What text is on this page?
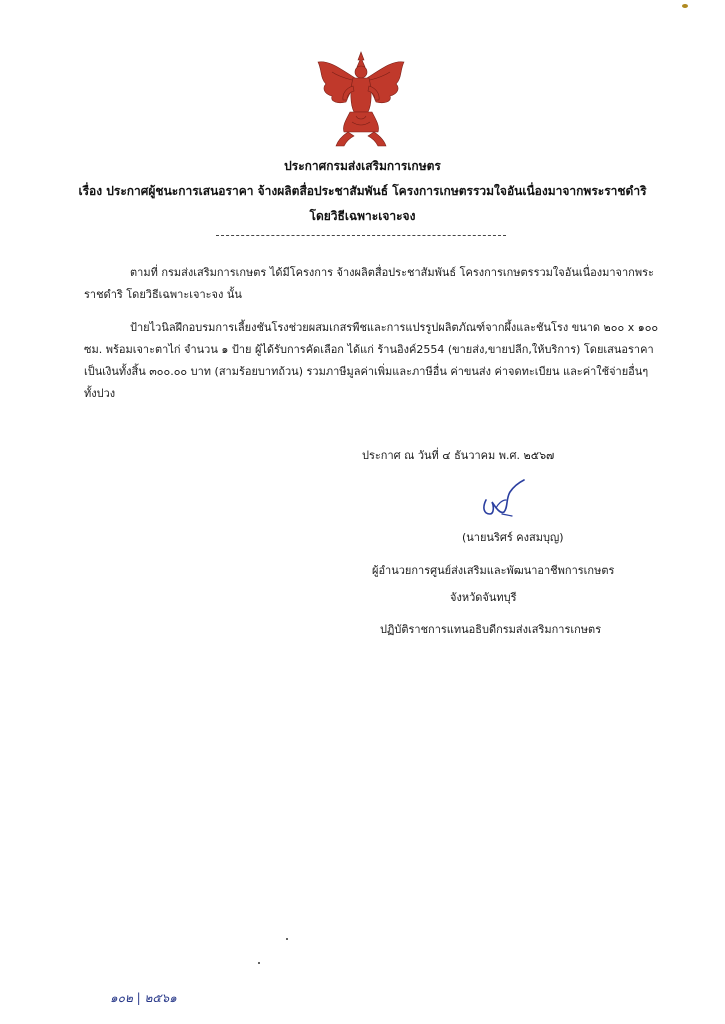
ประกาศกรมส่งเสริมการเกษตร
เรื่อง ประกาศผู้ชนะการเสนอราคา จ้างผลิตสื่อประชาสัมพันธ์ โครงการเกษตรรวมใจอันเนื่องมาจากพระราชดำริ
โดยวิธีเฉพาะเจาะจง

ตามที่ กรมส่งเสริมการเกษตร ได้มีโครงการ จ้างผลิตสื่อประชาสัมพันธ์ โครงการเกษตรรวมใจอันเนื่องมาจากพระราชดำริ โดยวิธีเฉพาะเจาะจง นั้น

ป้ายไวนิลฝึกอบรมการเลี้ยงชันโรงช่วยผสมเกสรพืชและการแปรรูปผลิตภัณฑ์จากผึ้งและชันโรง ขนาด ๒๐๐ x ๑๐๐ ซม. พร้อมเจาะตาไก่ จำนวน ๑ ป้าย ผู้ได้รับการคัดเลือก ได้แก่ ร้านอิงค์2554 (ขายส่ง,ขายปลีก,ให้บริการ) โดยเสนอราคา เป็นเงินทั้งสิ้น ๓๐๐.๐๐ บาท (สามร้อยบาทถ้วน) รวมภาษีมูลค่าเพิ่มและภาษีอื่น ค่าขนส่ง ค่าจดทะเบียน และค่าใช้จ่ายอื่นๆ ทั้งปวง

ประกาศ ณ วันที่ ๔ ธันวาคม พ.ศ. ๒๕๖๗
(นายนริศร์ คงสมบุญ)
ผู้อำนวยการศูนย์ส่งเสริมและพัฒนาอาชีพการเกษตร
จังหวัดจันทบุรี
ปฏิบัติราชการแทนอธิบดีกรมส่งเสริมการเกษตร
๑๐๒ | ๒๕๖๑
